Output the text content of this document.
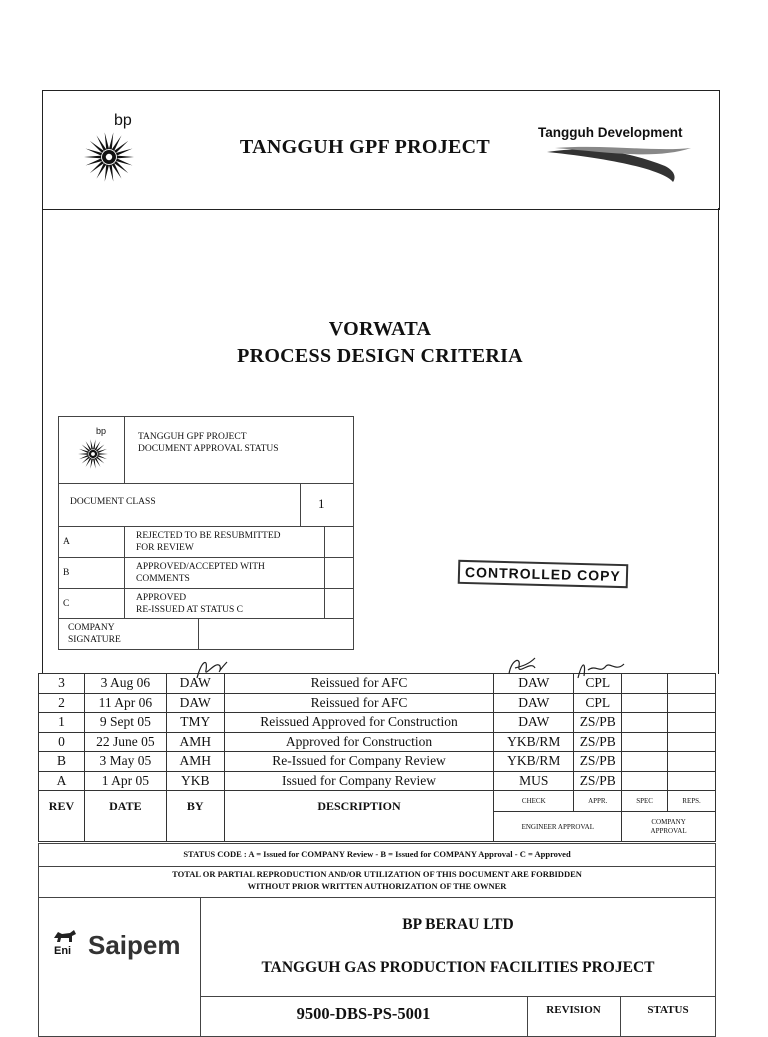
bp
TANGGUH GPF PROJECT
Tangguh Development
VORWATA
PROCESS DESIGN CRITERIA
bp
TANGGUH GPF PROJECT
DOCUMENT APPROVAL STATUS
DOCUMENT CLASS	1
A
REJECTED TO BE RESUBMITTED
FOR REVIEW
B
APPROVED/ACCEPTED WITH
COMMENTS
C
APPROVED
RE-ISSUED AT STATUS C
COMPANY
SIGNATURE
CONTROLLED COPY
3	3 Aug 06	DAW	Reissued for AFC	DAW	CPL		
2	11 Apr 06	DAW	Reissued for AFC	DAW	CPL		
1	9 Sept 05	TMY	Reissued Approved for Construction	DAW	ZS/PB		
0	22 June 05	AMH	Approved for Construction	YKB/RM	ZS/PB		
B	3 May 05	AMH	Re-Issued for Company Review	YKB/RM	ZS/PB		
A	1 Apr 05	YKB	Issued for Company Review	MUS	ZS/PB		
REV	DATE	BY	DESCRIPTION	CHECK	APPR.	SPEC	REPS.
				ENGINEER APPROVAL		COMPANY
APPROVAL	
STATUS CODE : A = Issued for COMPANY Review - B = Issued for COMPANY Approval - C = Approved
TOTAL OR PARTIAL REPRODUCTION AND/OR UTILIZATION OF THIS DOCUMENT ARE FORBIDDEN
WITHOUT PRIOR WRITTEN AUTHORIZATION OF THE OWNER
Eni Saipem
BP BERAU LTD
TANGGUH GAS PRODUCTION FACILITIES PROJECT
9500-DBS-PS-5001	REVISION	STATUS
